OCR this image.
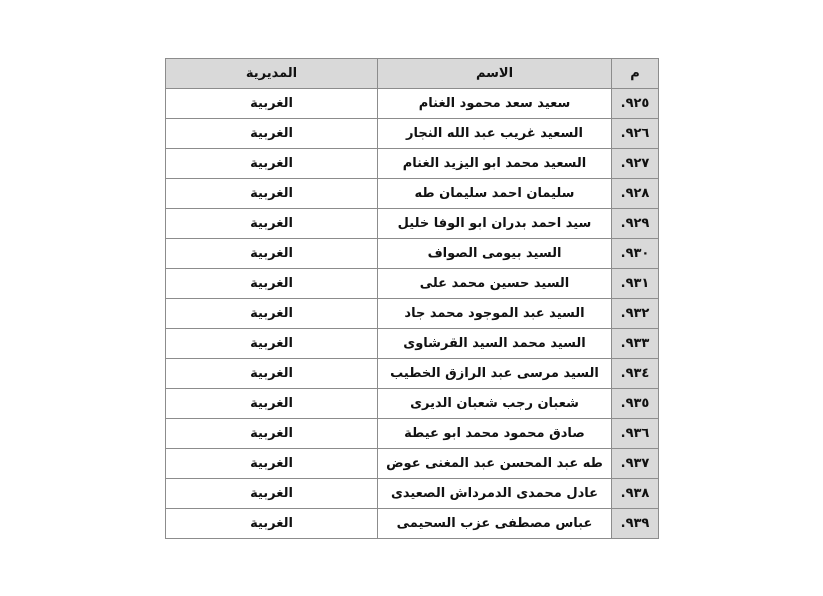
م	الاسم	المديرية
٩٢٥.	سعيد سعد محمود الغنام	الغربية
٩٢٦.	السعيد غريب عبد الله النجار	الغربية
٩٢٧.	السعيد محمد ابو اليزيد الغنام	الغربية
٩٢٨.	سليمان احمد سليمان طه	الغربية
٩٢٩.	سيد احمد بدران ابو الوفا خليل	الغربية
٩٣٠.	السيد بيومى الصواف	الغربية
٩٣١.	السيد حسين محمد على	الغربية
٩٣٢.	السيد عبد الموجود محمد جاد	الغربية
٩٣٣.	السيد محمد السيد القرشاوى	الغربية
٩٣٤.	السيد مرسى عبد الرازق الخطيب	الغربية
٩٣٥.	شعبان رجب شعبان الديرى	الغربية
٩٣٦.	صادق محمود محمد ابو عيطة	الغربية
٩٣٧.	طه عبد المحسن عبد المغنى عوض	الغربية
٩٣٨.	عادل محمدى الدمرداش الصعيدى	الغربية
٩٣٩.	عباس مصطفى عزب السحيمى	الغربية
